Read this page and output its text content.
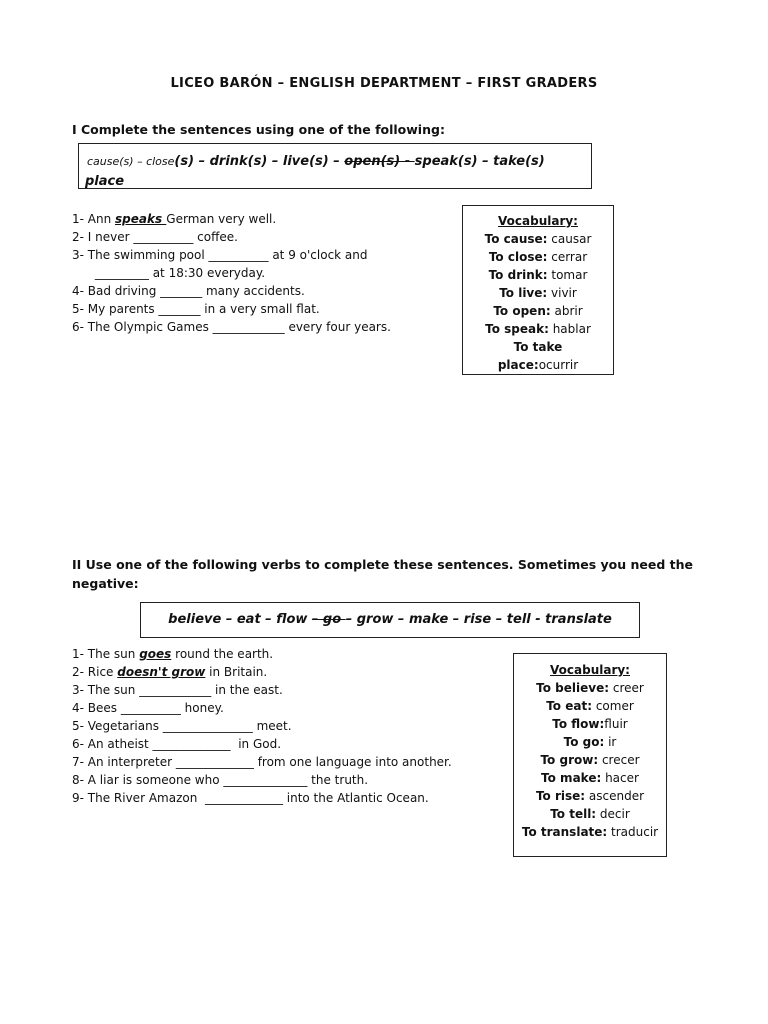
LICEO BARÓN – ENGLISH DEPARTMENT – FIRST GRADERS
I Complete the sentences using one of the following:
cause(s) – close(s) – drink(s) – live(s) – open(s) - speak(s) – take(s)
place
1- Ann speaks German very well.
2- I never __________ coffee.
3- The swimming pool __________ at 9 o'clock and
_________ at 18:30 everyday.
4- Bad driving _______ many accidents.
5- My parents _______ in a very small flat.
6- The Olympic Games ____________ every four years.
Vocabulary:
To cause: causar
To close: cerrar
To drink: tomar
To live: vivir
To open: abrir
To speak: hablar
To take
place:ocurrir
II Use one of the following verbs to complete these sentences. Sometimes you need the
negative:
believe – eat – flow – go – grow – make – rise – tell - translate
1- The sun goes round the earth.
2- Rice doesn't grow in Britain.
3- The sun ____________ in the east.
4- Bees __________ honey.
5- Vegetarians _______________ meet.
6- An atheist _____________  in God.
7- An interpreter _____________ from one language into another.
8- A liar is someone who ______________ the truth.
9- The River Amazon  _____________ into the Atlantic Ocean.
Vocabulary:
To believe: creer
To eat: comer
To flow:fluir
To go: ir
To grow: crecer
To make: hacer
To rise: ascender
To tell: decir
To translate: traducir
